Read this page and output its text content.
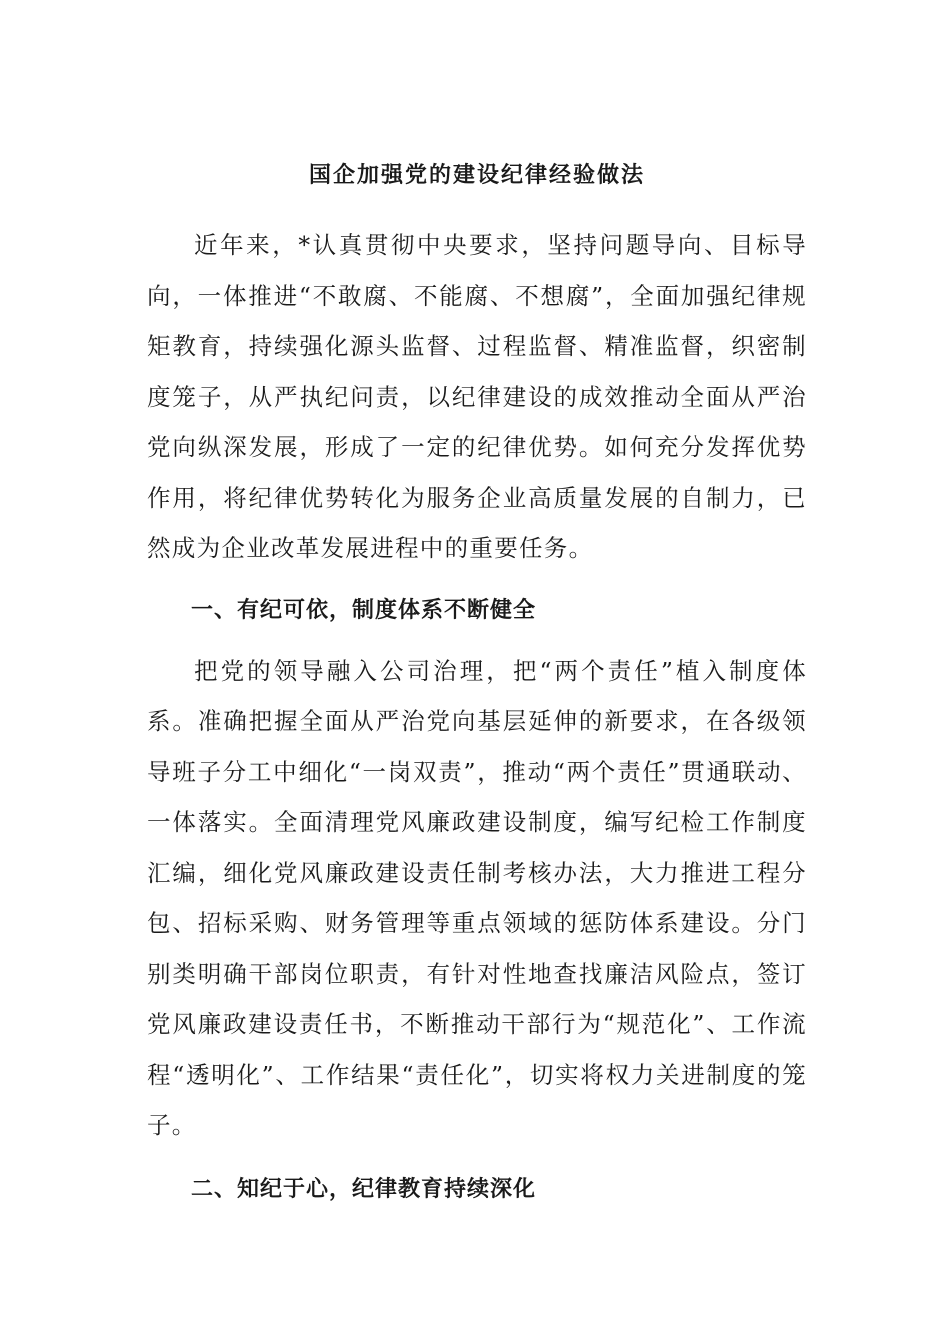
国企加强党的建设纪律经验做法

近年来，*认真贯彻中央要求，坚持问题导向、目标导向，一体推进“不敢腐、不能腐、不想腐”，全面加强纪律规矩教育，持续强化源头监督、过程监督、精准监督，织密制度笼子，从严执纪问责，以纪律建设的成效推动全面从严治党向纵深发展，形成了一定的纪律优势。如何充分发挥优势作用，将纪律优势转化为服务企业高质量发展的自制力，已然成为企业改革发展进程中的重要任务。

一、有纪可依，制度体系不断健全

把党的领导融入公司治理，把“两个责任”植入制度体系。准确把握全面从严治党向基层延伸的新要求，在各级领导班子分工中细化“一岗双责”，推动“两个责任”贯通联动、一体落实。全面清理党风廉政建设制度，编写纪检工作制度汇编，细化党风廉政建设责任制考核办法，大力推进工程分包、招标采购、财务管理等重点领域的惩防体系建设。分门别类明确干部岗位职责，有针对性地查找廉洁风险点，签订党风廉政建设责任书，不断推动干部行为“规范化”、工作流程“透明化”、工作结果“责任化”，切实将权力关进制度的笼子。

二、知纪于心，纪律教育持续深化
